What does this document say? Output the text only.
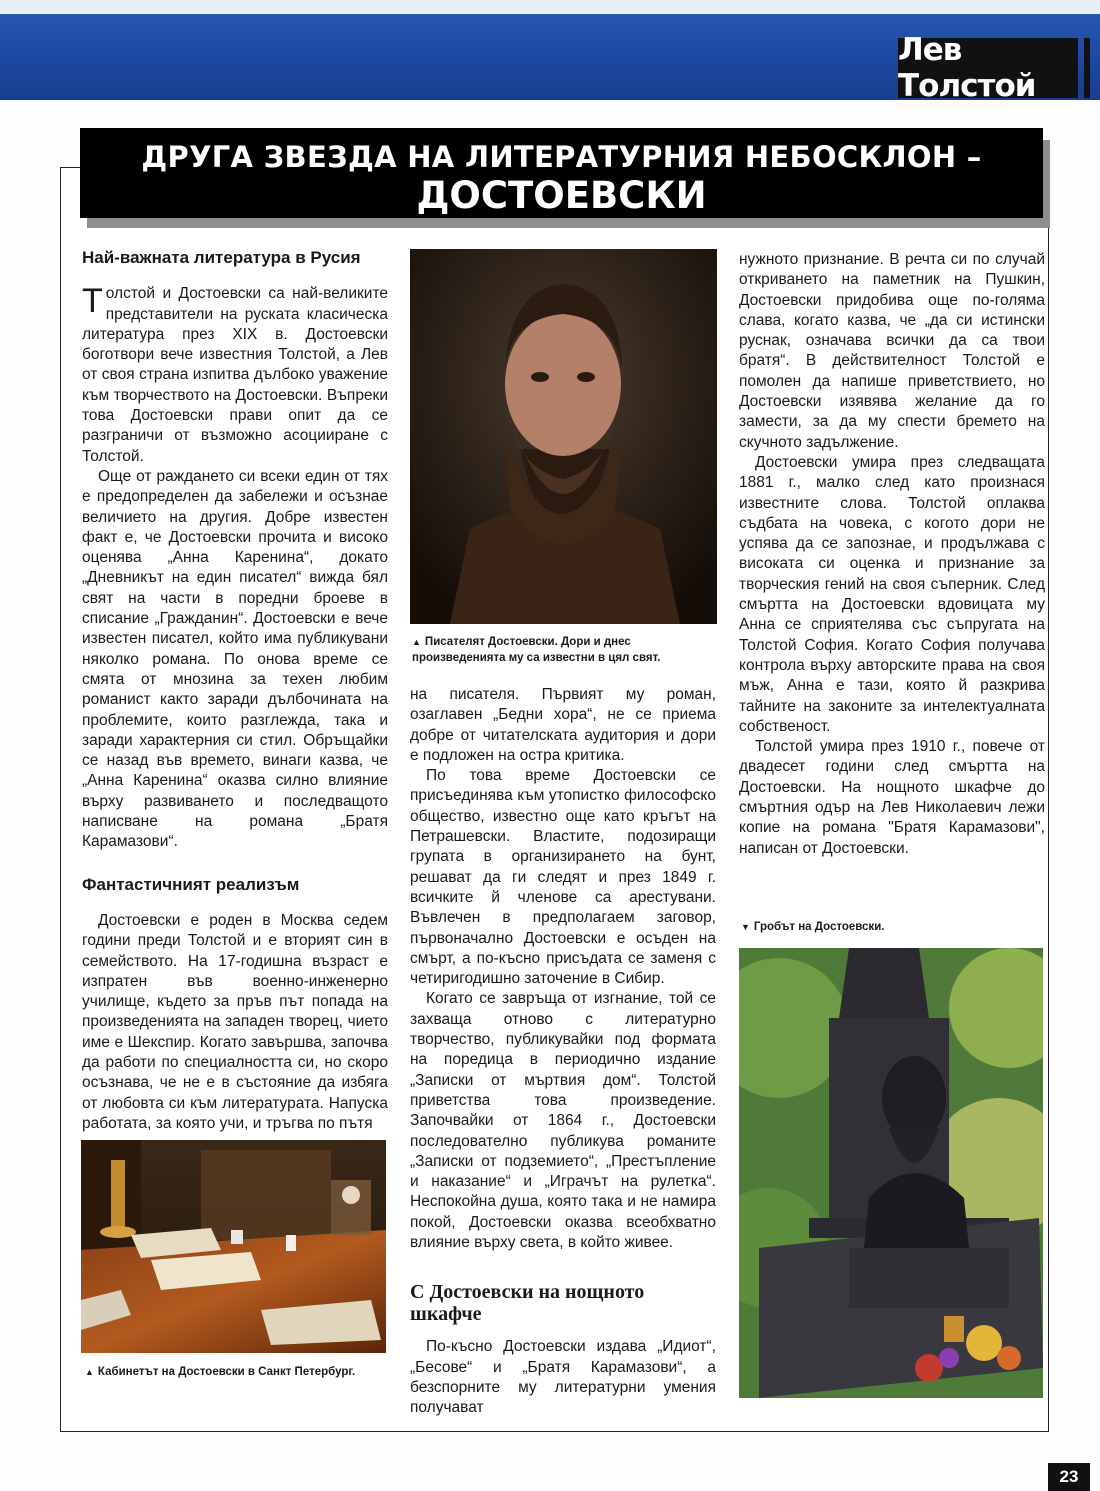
Лев Толстой
ДРУГА ЗВЕЗДА НА ЛИТЕРАТУРНИЯ НЕБОСКЛОН –
ДОСТОЕВСКИ
Най-важната литература в Русия

Толстой и Достоевски са най-великите представители на руската класическа литература през XIX в. Достоевски боготвори вече известния Толстой, а Лев от своя страна изпитва дълбоко уважение към творчеството на Достоевски. Въпреки това Достоевски прави опит да се разграничи от възможно асоцииране с Толстой.

Още от раждането си всеки един от тях е предопределен да забележи и осъзнае величието на другия. Добре известен факт е, че Достоевски прочита и високо оценява „Анна Каренина“, докато „Дневникът на един писател“ вижда бял свят на части в поредни броеве в списание „Гражданин“. Достоевски е вече известен писател, който има публикувани няколко романа. По онова време се смята от мнозина за техен любим романист както заради дълбочината на проблемите, които разглежда, така и заради характерния си стил. Обръщайки се назад във времето, винаги казва, че „Анна Каренина“ оказва силно влияние върху развиването и последващото написване на романа „Братя Карамазови“.

Фантастичният реализъм

Достоевски е роден в Москва седем години преди Толстой и е вторият син в семейството. На 17-годишна възраст е изпратен във военно-инженерно училище, където за пръв път попада на произведенията на западен творец, чието име е Шекспир. Когато завършва, започва да работи по специалността си, но скоро осъзнава, че не е в състояние да избяга от любовта си към литературата. Напуска работата, за която учи, и тръгва по пътя

▲ Кабинетът на Достоевски в Санкт Петербург.
▲ Писателят Достоевски. Дори и днес произведенията му са известни в цял свят.

на писателя. Първият му роман, озаглавен „Бедни хора“, не се приема добре от читателската аудитория и дори е подложен на остра критика.

По това време Достоевски се присъединява към утопистко философско общество, известно още като кръгът на Петрашевски. Властите, подозиращи групата в организирането на бунт, решават да ги следят и през 1849 г. всичките й членове са арестувани. Въвлечен в предполагаем заговор, първоначално Достоевски е осъден на смърт, а по-късно присъдата се заменя с четиригодишно заточение в Сибир.

Когато се завръща от изгнание, той се захваща отново с литературно творчество, публикувайки под формата на поредица в периодично издание „Записки от мъртвия дом“. Толстой приветства това произведение. Започвайки от 1864 г., Достоевски последователно публикува романите „Записки от подземието“, „Престъпление и наказание“ и „Играчът на рулетка“. Неспокойна душа, която така и не намира покой, Достоевски оказва всеобхватно влияние върху света, в който живее.

С Достоевски на нощното шкафче

По-късно Достоевски издава „Идиот“, „Бесове“ и „Братя Карамазови“, а безспорните му литературни умения получават

нужното признание. В речта си по случай откриването на паметник на Пушкин, Достоевски придобива още по-голяма слава, когато казва, че „да си истински руснак, означава всички да са твои братя“. В действителност Толстой е помолен да напише приветствието, но Достоевски изявява желание да го замести, за да му спести бремето на скучното задължение.

Достоевски умира през следващата 1881 г., малко след като произнася известните слова. Толстой оплаква съдбата на човека, с когото дори не успява да се запознае, и продължава с високата си оценка и признание за творческия гений на своя съперник. След смъртта на Достоевски вдовицата му Анна се сприятелява със съпругата на Толстой София. Когато София получава контрола върху авторските права на своя мъж, Анна е тази, която й разкрива тайните на законите за интелектуалната собственост.

Толстой умира през 1910 г., повече от двадесет години след смъртта на Достоевски. На нощното шкафче до смъртния одър на Лев Николаевич лежи копие на романа "Братя Карамазови", написан от Достоевски.

▼ Гробът на Достоевски.
23
